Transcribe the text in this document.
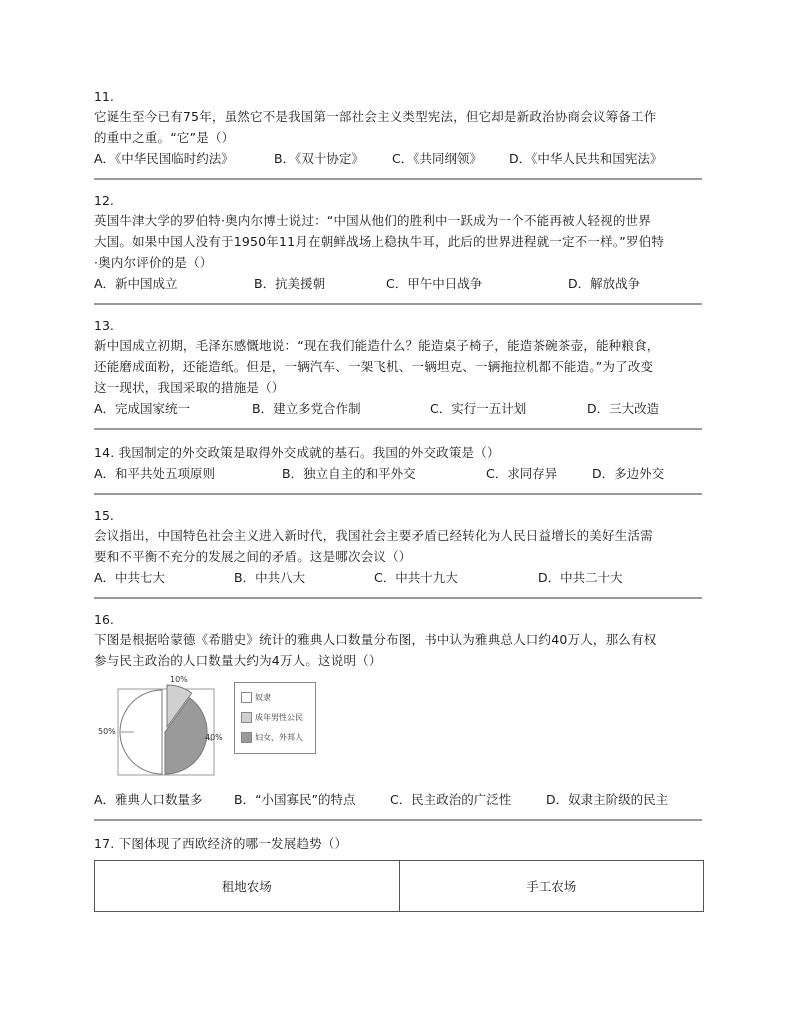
11.
它诞生至今已有75年，虽然它不是我国第一部社会主义类型宪法，但它却是新政治协商会议筹备工作
的重中之重。“它”是（）
A．《中华民国临时约法》	B．《双十协定》 C．《共同纲领》 D．《中华人民共和国宪法》
12.
英国牛津大学的罗伯特·奥内尔博士说过：“中国从他们的胜利中一跃成为一个不能再被人轻视的世界
大国。如果中国人没有于1950年11月在朝鲜战场上稳执牛耳，此后的世界进程就一定不一样。”罗伯特
·奥内尔评价的是（）
A．新中国成立	B．抗美援朝	C．甲午中日战争	D．解放战争
13.
新中国成立初期，毛泽东感慨地说：“现在我们能造什么？能造桌子椅子，能造茶碗茶壶，能种粮食，
还能磨成面粉，还能造纸。但是，一辆汽车、一架飞机、一辆坦克、一辆拖拉机都不能造。”为了改变
这一现状，我国采取的措施是（）
A．完成国家统一	B．建立多党合作制	C．实行一五计划	D．三大改造
14. 我国制定的外交政策是取得外交成就的基石。我国的外交政策是（）
A．和平共处五项原则	B．独立自主的和平外交	C．求同存异	D．多边外交
15.
会议指出，中国特色社会主义进入新时代，我国社会主要矛盾已经转化为人民日益增长的美好生活需
要和不平衡不充分的发展之间的矛盾。这是哪次会议（）
A．中共七大	B．中共八大	C．中共十九大	D．中共二十大
16.
下图是根据哈蒙德《希腊史》统计的雅典人口数量分布图，书中认为雅典总人口约40万人，那么有权
参与民主政治的人口数量大约为4万人。这说明（）
50%
10%
40%
奴隶
成年男性公民
妇女、外邦人
A．雅典人口数量多	B．“小国寡民”的特点	C．民主政治的广泛性	D．奴隶主阶级的民主
17. 下图体现了西欧经济的哪一发展趋势（）
租地农场	手工农场
